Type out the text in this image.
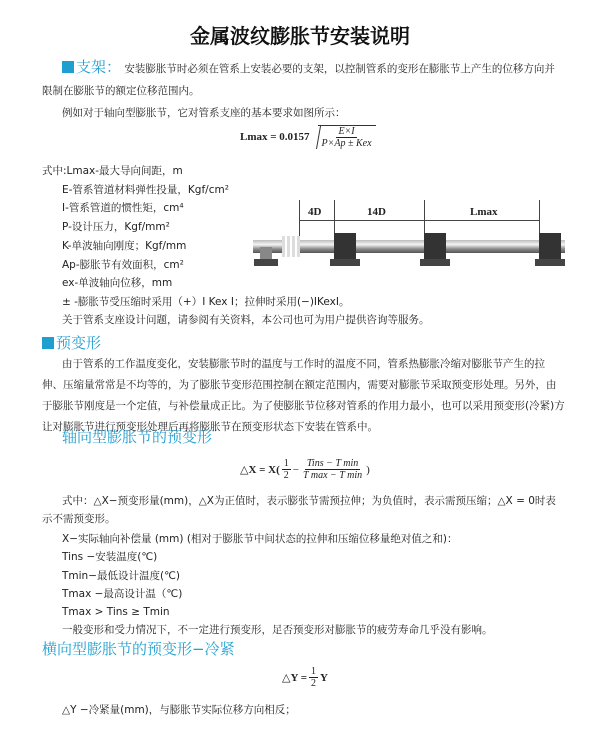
金属波纹膨胀节安装说明
支架： 安装膨胀节时必须在管系上安装必要的支架，以控制管系的变形在膨胀节上产生的位移方向并
限制在膨胀节的额定位移范围内。
例如对于轴向型膨胀节，它对管系支座的基本要求如图所示：
$Lmax = 0.0157 \frac{E\times I}{\text{P×Ap ± Kex}}$
式中:Lmax-最大导向间距，m
E-管系管道材料弹性投量，Kgf/cm²
I-管系管道的惯性矩，cm⁴
P-设计压力，Kgf/mm²
K-单波轴向刚度；Kgf/mm
Ap-膨胀节有效面积，cm²
ex-单波轴向位移，mm
± -膨胀节受压缩时采用（+）I Kex I；拉伸时采用(−)IKexI。
关于管系支座设计问题，请参阅有关资料，本公司也可为用户提供咨询等服务。
4D	14D	Lmax
预变形
由于管系的工作温度变化，安装膨胀节时的温度与工作时的温度不同，管系热膨胀冷缩对膨胀节产生的拉
伸、压缩量常常是不均等的，为了膨胀节变形范围控制在额定范围内，需要对膨胀节采取预变形处理。另外，由
于膨胀节刚度是一个定值，与补偿量成正比。为了使膨胀节位移对管系的作用力最小，也可以采用预变形(冷紧)方
让对膨胀节进行预变形处理后再将膨胀节在预变形状态下安装在管系中。
轴向型膨胀节的预变形
△X = $X( \frac{1}{2} - \frac{\text{Tins − T min}}{\text{T max − T min}}$ )
式中：△X−预变形量(mm)，△X为正值时，表示膨张节需预拉伸；为负值时，表示需预压缩；△X = 0时表
示不需预变形。
X−实际轴向补偿量 (mm) (相对于膨胀节中间状态的拉伸和压缩位移量绝对值之和)：
Tins −安装温度(℃)
Tmin−最低设计温度(℃)
Tmax −最高设计温（℃)
Tmax > Tins ≥ Tmin
一般变形和受力情况下，不一定进行预变形，足否预变形对膨胀节的疲劳寿命几乎没有影响。
横向型膨胀节的预变形−冷紧
△Y = $\frac{1}{2}$ Y
△Y −冷紧量(mm)，与膨胀节实际位移方向相反；
